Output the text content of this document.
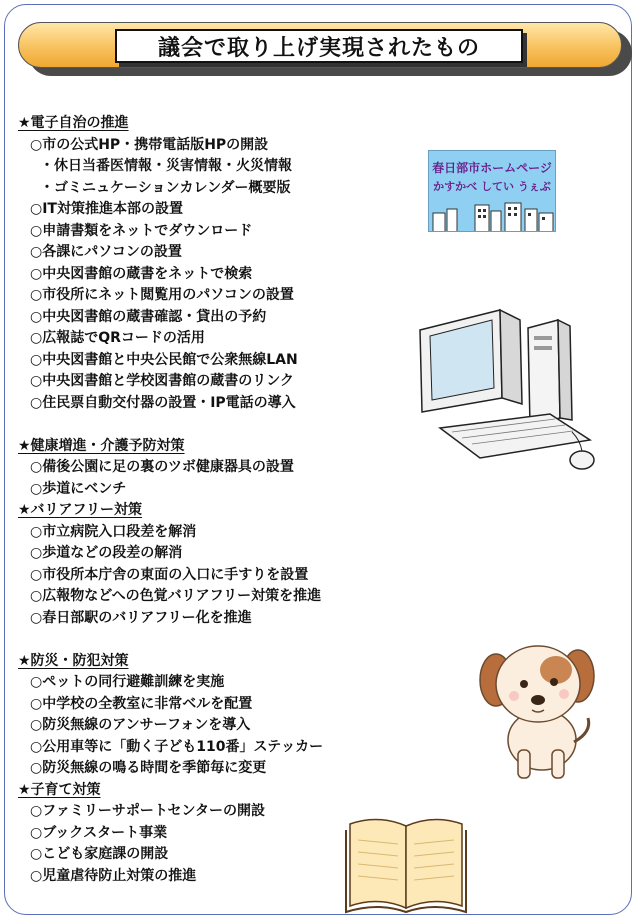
議会で取り上げ実現されたもの
★電子自治の推進
○市の公式HP・携帯電話版HPの開設
・休日当番医情報・災害情報・火災情報
・ゴミニュケーションカレンダー概要版
○IT対策推進本部の設置
○申請書類をネットでダウンロード
○各課にパソコンの設置
○中央図書館の蔵書をネットで検索
○市役所にネット閲覧用のパソコンの設置
○中央図書館の蔵書確認・貸出の予約
○広報誌でQRコードの活用
○中央図書館と中央公民館で公衆無線LAN
○中央図書館と学校図書館の蔵書のリンク
○住民票自動交付器の設置・IP電話の導入
★健康増進・介護予防対策
○備後公園に足の裏のツボ健康器具の設置
○歩道にベンチ
★バリアフリー対策
○市立病院入口段差を解消
○歩道などの段差の解消
○市役所本庁舎の東面の入口に手すりを設置
○広報物などへの色覚バリアフリー対策を推進
○春日部駅のバリアフリー化を推進
★防災・防犯対策
○ペットの同行避難訓練を実施
○中学校の全教室に非常ベルを配置
○防災無線のアンサーフォンを導入
○公用車等に「動く子ども110番」ステッカー
○防災無線の鳴る時間を季節毎に変更
★子育て対策
○ファミリーサポートセンターの開設
○ブックスタート事業
○こども家庭課の開設
○児童虐待防止対策の推進
春日部市ホームページ
かすかべ してい うぇぶ
